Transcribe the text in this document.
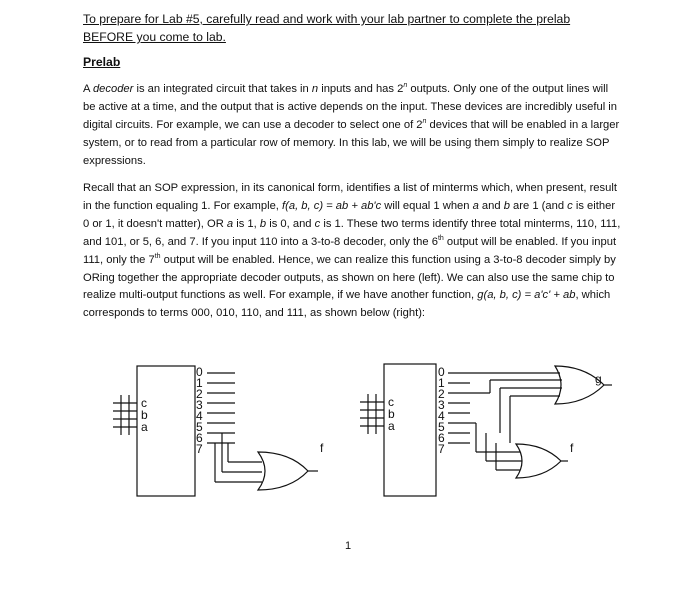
To prepare for Lab #5, carefully read and work with your lab partner to complete the prelab BEFORE you come to lab.

Prelab

A decoder is an integrated circuit that takes in n inputs and has 2$^n$ outputs. Only one of the output lines will be active at a time, and the output that is active depends on the input. These devices are incredibly useful in digital circuits. For example, we can use a decoder to select one of 2$^n$ devices that will be enabled in a larger system, or to read from a particular row of memory. In this lab, we will be using them simply to realize SOP expressions.

Recall that an SOP expression, in its canonical form, identifies a list of minterms which, when present, result in the function equaling 1. For example, f(a, b, c) = ab + ab'c will equal 1 when a and b are 1 (and c is either 0 or 1, it doesn't matter), OR a is 1, b is 0, and c is 1. These two terms identify three total minterms, 110, 111, and 101, or 5, 6, and 7. If you input 110 into a 3-to-8 decoder, only the 6th output will be enabled. If you input 111, only the 7th output will be enabled. Hence, we can realize this function using a 3-to-8 decoder simply by ORing together the appropriate decoder outputs, as shown on here (left). We can also use the same chip to realize multi-output functions as well. For example, if we have another function, g(a, b, c) = a'c' + ab, which corresponds to terms 000, 010, 110, and 111, as shown below (right):

c
b
a
0
1
2
3
4
5
6
7	f
c
b
a
0
1
2
3
4
5
6
7
g
f

1
